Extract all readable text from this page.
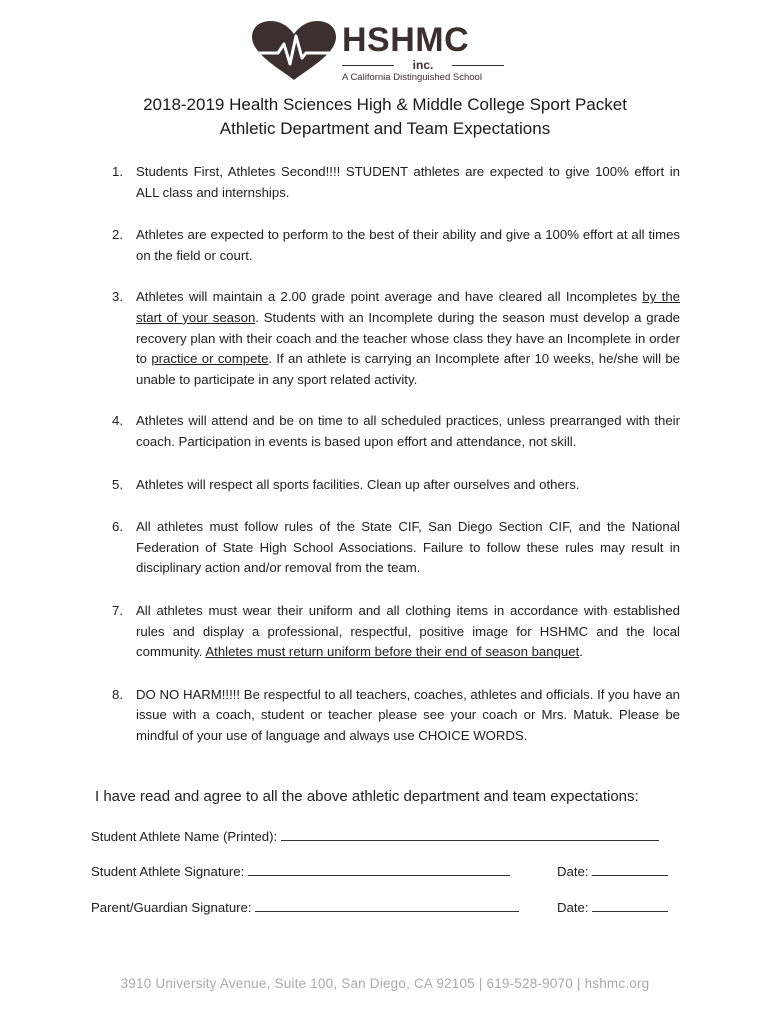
HSHMC
inc.
A California Distinguished School
2018-2019 Health Sciences High & Middle College Sport Packet
Athletic Department and Team Expectations
1. Students First, Athletes Second!!!! STUDENT athletes are expected to give 100% effort in ALL class and internships.
2. Athletes are expected to perform to the best of their ability and give a 100% effort at all times on the field or court.
3. Athletes will maintain a 2.00 grade point average and have cleared all Incompletes by the start of your season. Students with an Incomplete during the season must develop a grade recovery plan with their coach and the teacher whose class they have an Incomplete in order to practice or compete. If an athlete is carrying an Incomplete after 10 weeks, he/she will be unable to participate in any sport related activity.
4. Athletes will attend and be on time to all scheduled practices, unless prearranged with their coach. Participation in events is based upon effort and attendance, not skill.
5. Athletes will respect all sports facilities. Clean up after ourselves and others.
6. All athletes must follow rules of the State CIF, San Diego Section CIF, and the National Federation of State High School Associations. Failure to follow these rules may result in disciplinary action and/or removal from the team.
7. All athletes must wear their uniform and all clothing items in accordance with established rules and display a professional, respectful, positive image for HSHMC and the local community. Athletes must return uniform before their end of season banquet.
8. DO NO HARM!!!!! Be respectful to all teachers, coaches, athletes and officials. If you have an issue with a coach, student or teacher please see your coach or Mrs. Matuk. Please be mindful of your use of language and always use CHOICE WORDS.
I have read and agree to all the above athletic department and team expectations:
Student Athlete Name (Printed):
Student Athlete Signature:	Date:
Parent/Guardian Signature:	Date:
3910 University Avenue, Suite 100, San Diego, CA 92105 | 619-528-9070 | hshmc.org
